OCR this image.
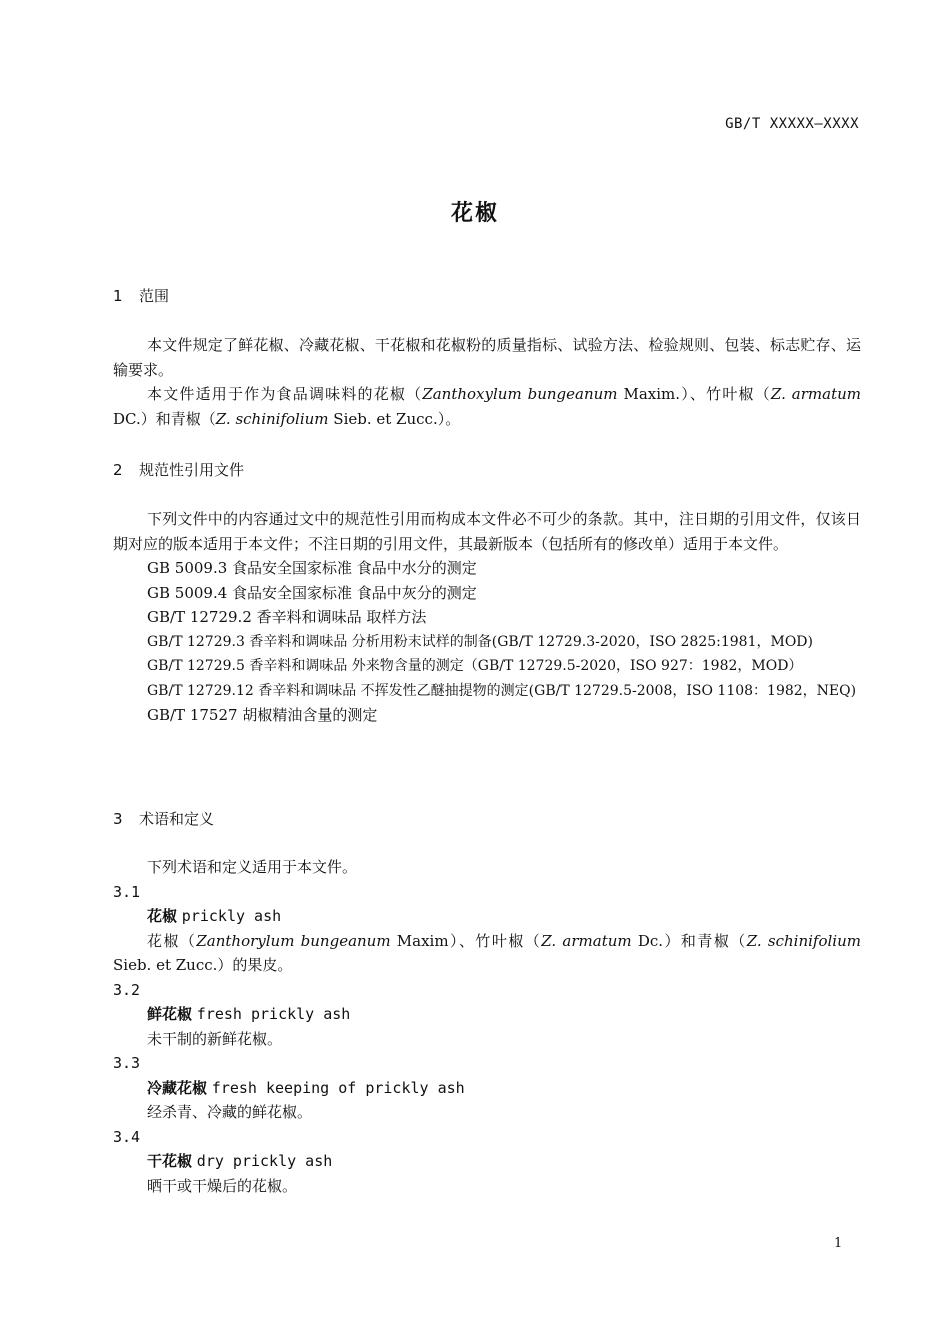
GB/T XXXXX—XXXX
花椒

1 范围

本文件规定了鲜花椒、冷藏花椒、干花椒和花椒粉的质量指标、试验方法、检验规则、包装、标志贮存、运输要求。

本文件适用于作为食品调味料的花椒（Zanthoxylum bungeanum Maxim.）、竹叶椒（Z. armatum DC.）和青椒（Z. schinifolium Sieb. et Zucc.）。

2 规范性引用文件

下列文件中的内容通过文中的规范性引用而构成本文件必不可少的条款。其中，注日期的引用文件，仅该日期对应的版本适用于本文件；不注日期的引用文件，其最新版本（包括所有的修改单）适用于本文件。

GB 5009.3 食品安全国家标准 食品中水分的测定

GB 5009.4 食品安全国家标准 食品中灰分的测定

GB/T 12729.2 香辛料和调味品 取样方法

GB/T 12729.3 香辛料和调味品 分析用粉末试样的制备(GB/T 12729.3-2020，ISO 2825:1981，MOD)

GB/T 12729.5 香辛料和调味品 外来物含量的测定（GB/T 12729.5-2020，ISO 927：1982，MOD）

GB/T 12729.12 香辛料和调味品 不挥发性乙醚抽提物的测定(GB/T 12729.5-2008，ISO 1108：1982，NEQ)

GB/T 17527 胡椒精油含量的测定

3 术语和定义

下列术语和定义适用于本文件。

3.1

花椒 prickly ash

花椒（Zanthorylum bungeanum Maxim）、竹叶椒（Z. armatum Dc.）和青椒（Z. schinifolium Sieb. et Zucc.）的果皮。

3.2

鲜花椒 fresh prickly ash

未干制的新鲜花椒。

3.3

冷藏花椒 fresh keeping of prickly ash

经杀青、冷藏的鲜花椒。

3.4

干花椒 dry prickly ash

晒干或干燥后的花椒。

1
